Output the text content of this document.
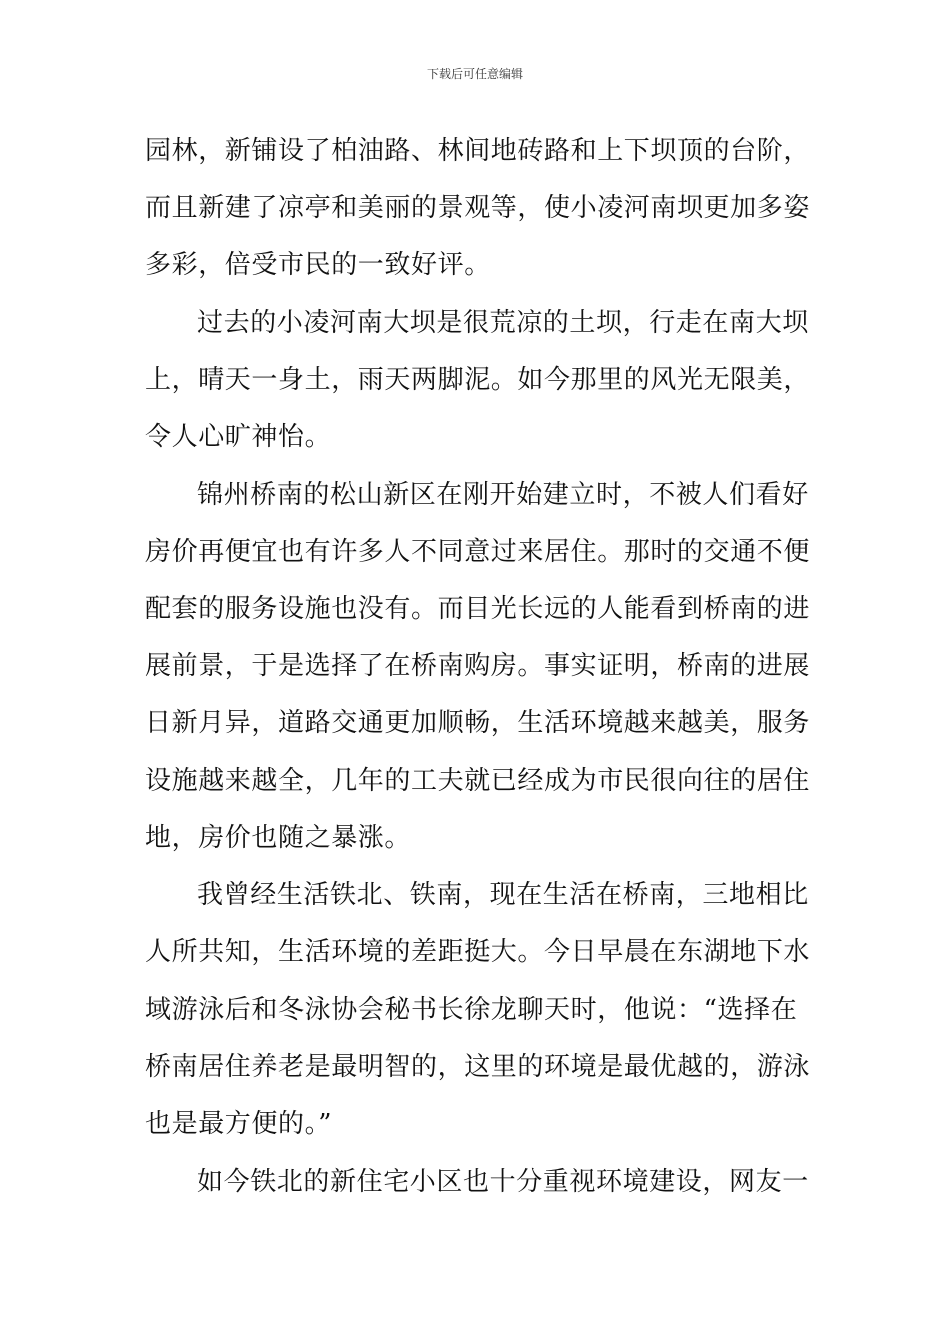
下载后可任意编辑
园林，新铺设了柏油路、林间地砖路和上下坝顶的台阶，
而且新建了凉亭和美丽的景观等，使小凌河南坝更加多姿
多彩，倍受市民的一致好评。
过去的小凌河南大坝是很荒凉的土坝，行走在南大坝
上，晴天一身土，雨天两脚泥。如今那里的风光无限美，
令人心旷神怡。
锦州桥南的松山新区在刚开始建立时，不被人们看好
房价再便宜也有许多人不同意过来居住。那时的交通不便
配套的服务设施也没有。而目光长远的人能看到桥南的进
展前景，于是选择了在桥南购房。事实证明，桥南的进展
日新月异，道路交通更加顺畅，生活环境越来越美，服务
设施越来越全，几年的工夫就已经成为市民很向往的居住
地，房价也随之暴涨。
我曾经生活铁北、铁南，现在生活在桥南，三地相比
人所共知，生活环境的差距挺大。今日早晨在东湖地下水
域游泳后和冬泳协会秘书长徐龙聊天时，他说：“选择在
桥南居住养老是最明智的，这里的环境是最优越的，游泳
也是最方便的。”
如今铁北的新住宅小区也十分重视环境建设，网友一
